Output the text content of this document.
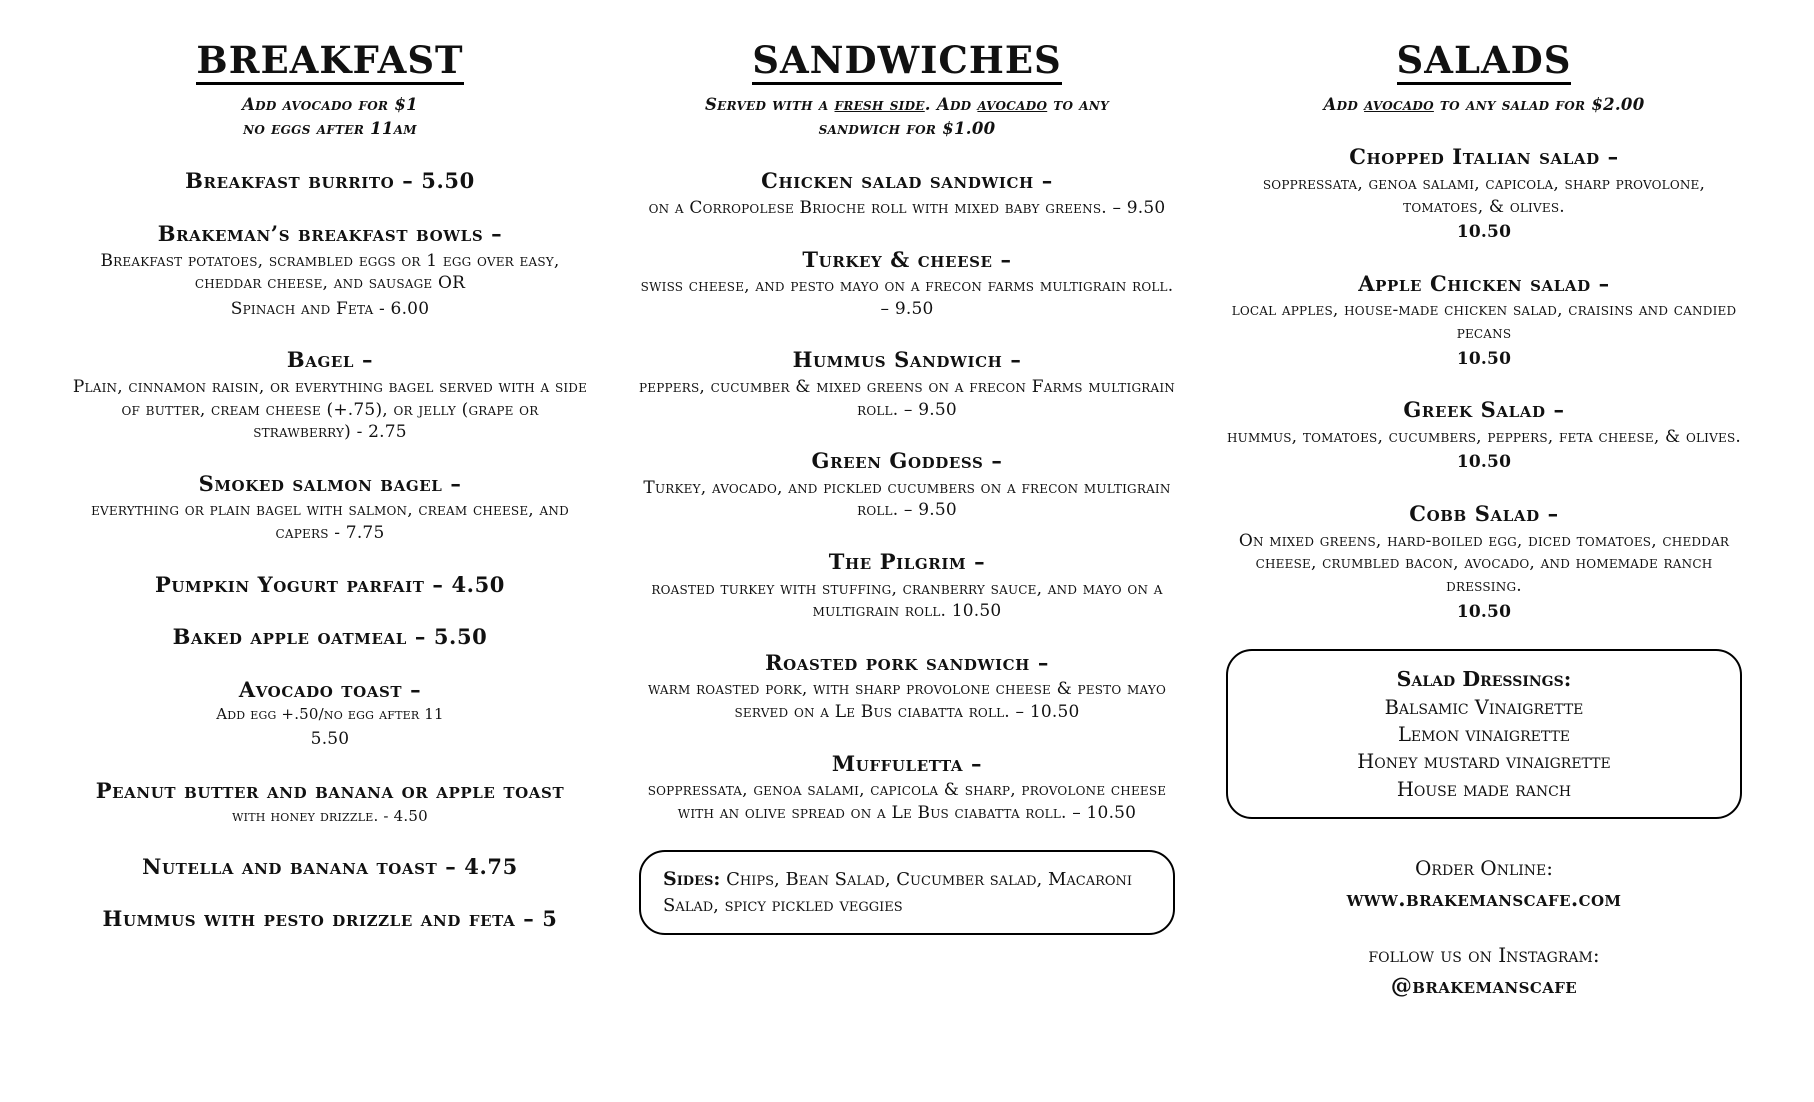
BREAKFAST
Add avocado for $1
no eggs after 11am
Breakfast burrito – 5.50
Brakeman’s breakfast bowls –
Breakfast potatoes, scrambled eggs or 1 egg over easy, cheddar cheese, and sausage OR
Spinach and Feta - 6.00
Bagel –
Plain, cinnamon raisin, or everything bagel served with a side of butter, cream cheese (+.75), or jelly (grape or strawberry) - 2.75
Smoked salmon bagel –
everything or plain bagel with salmon, cream cheese, and capers - 7.75
Pumpkin Yogurt parfait – 4.50
Baked apple oatmeal – 5.50
Avocado toast –
Add egg +.50/no egg after 11
5.50
Peanut butter and banana or apple toast
with honey drizzle. - 4.50
Nutella and banana toast – 4.75
Hummus with pesto drizzle and feta – 5
SANDWICHES
Served with a fresh side. Add avocado to any
sandwich for $1.00
Chicken salad sandwich –
on a Corropolese Brioche roll with mixed baby greens. – 9.50
Turkey & cheese –
swiss cheese, and pesto mayo on a frecon farms multigrain roll. – 9.50
Hummus Sandwich –
peppers, cucumber & mixed greens on a frecon Farms multigrain roll. – 9.50
Green Goddess –
Turkey, avocado, and pickled cucumbers on a frecon multigrain roll. – 9.50
The Pilgrim –
roasted turkey with stuffing, cranberry sauce, and mayo on a multigrain roll. 10.50
Roasted pork sandwich –
warm roasted pork, with sharp provolone cheese & pesto mayo served on a Le Bus ciabatta roll. – 10.50
Muffuletta –
soppressata, genoa salami, capicola & sharp, provolone cheese with an olive spread on a Le Bus ciabatta roll. – 10.50
Sides: Chips, Bean Salad, Cucumber salad, Macaroni Salad, spicy pickled veggies
SALADS
Add avocado to any salad for $2.00
Chopped Italian salad –
soppressata, genoa salami, capicola, sharp provolone, tomatoes, & olives.
10.50
Apple Chicken salad –
local apples, house-made chicken salad, craisins and candied pecans
10.50
Greek Salad –
hummus, tomatoes, cucumbers, peppers, feta cheese, & olives.
10.50
Cobb Salad –
On mixed greens, hard-boiled egg, diced tomatoes, cheddar cheese, crumbled bacon, avocado, and homemade ranch dressing.
10.50
Salad Dressings:
Balsamic Vinaigrette
Lemon vinaigrette
Honey mustard vinaigrette
House made ranch
Order Online:
www.brakemanscafe.com
follow us on Instagram:
@brakemanscafe
